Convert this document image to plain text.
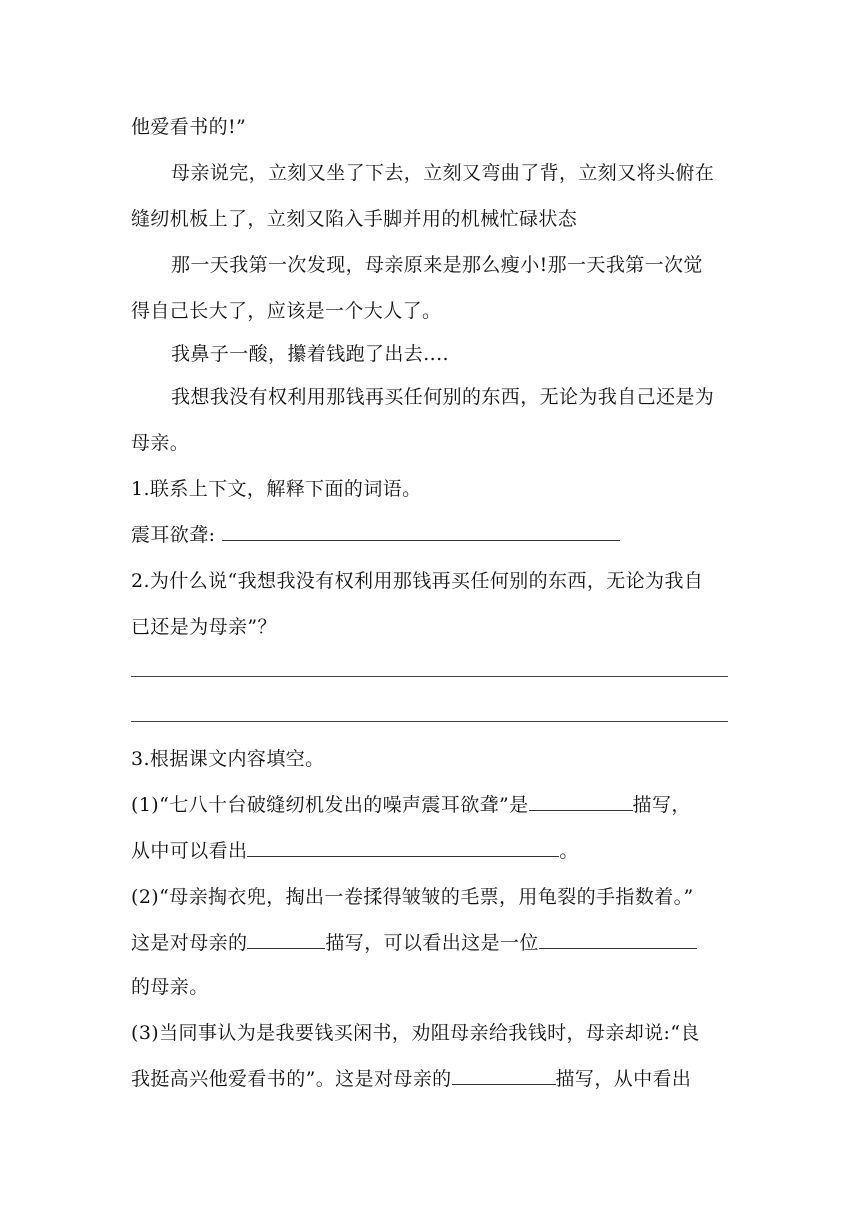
他爱看书的!”
母亲说完，立刻又坐了下去，立刻又弯曲了背，立刻又将头俯在
缝纫机板上了，立刻又陷入手脚并用的机械忙碌状态
那一天我第一次发现，母亲原来是那么瘦小!那一天我第一次觉
得自己长大了，应该是一个大人了。
我鼻子一酸，攥着钱跑了出去....
我想我没有权利用那钱再买任何别的东西，无论为我自己还是为
母亲。
1.联系上下文，解释下面的词语。
震耳欲聋:
2.为什么说“我想我没有权利用那钱再买任何别的东西，无论为我自
已还是为母亲”？
3.根据课文内容填空。
(1)“七八十台破缝纫机发出的噪声震耳欲聋”是	描写，
从中可以看出	。
(2)“母亲掏衣兜，掏出一卷揉得皱皱的毛票，用龟裂的手指数着。”
这是对母亲的	描写，可以看出这是一位
的母亲。
(3)当同事认为是我要钱买闲书，劝阻母亲给我钱时，母亲却说:“良
我挺高兴他爱看书的”。这是对母亲的	描写，从中看出
